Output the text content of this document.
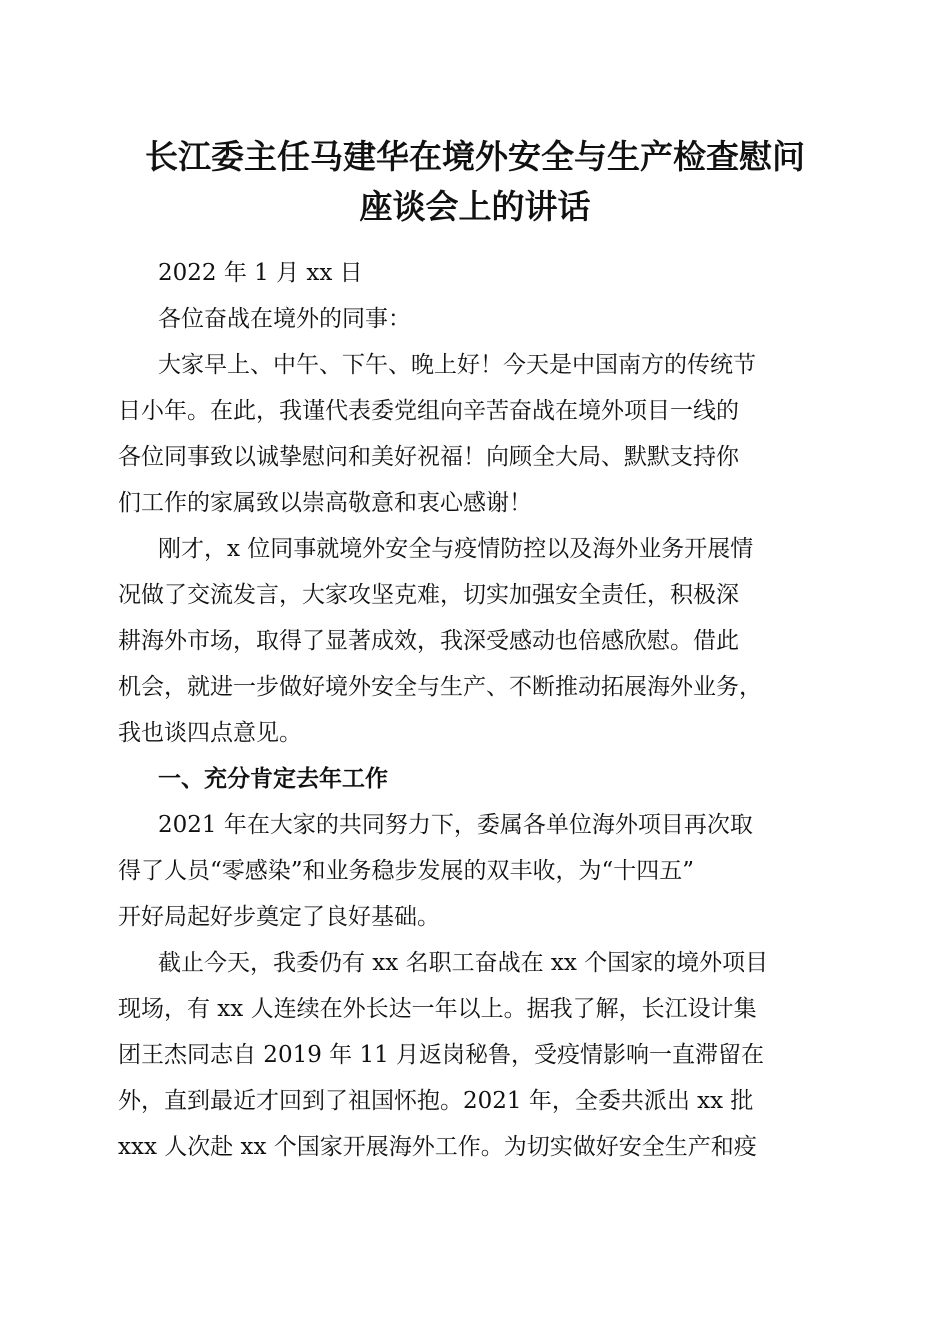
长江委主任马建华在境外安全与生产检查慰问
座谈会上的讲话
2022 年 1 月 xx 日
各位奋战在境外的同事：
大家早上、中午、下午、晚上好！今天是中国南方的传统节
日小年。在此，我谨代表委党组向辛苦奋战在境外项目一线的
各位同事致以诚挚慰问和美好祝福！向顾全大局、默默支持你
们工作的家属致以崇高敬意和衷心感谢！
刚才，x 位同事就境外安全与疫情防控以及海外业务开展情
况做了交流发言，大家攻坚克难，切实加强安全责任，积极深
耕海外市场，取得了显著成效，我深受感动也倍感欣慰。借此
机会，就进一步做好境外安全与生产、不断推动拓展海外业务，
我也谈四点意见。
一、充分肯定去年工作
2021 年在大家的共同努力下，委属各单位海外项目再次取
得了人员“零感染”和业务稳步发展的双丰收，为“十四五”
开好局起好步奠定了良好基础。
截止今天，我委仍有 xx 名职工奋战在 xx 个国家的境外项目
现场，有 xx 人连续在外长达一年以上。据我了解，长江设计集
团王杰同志自 2019 年 11 月返岗秘鲁，受疫情影响一直滞留在
外，直到最近才回到了祖国怀抱。2021 年，全委共派出 xx 批
xxx 人次赴 xx 个国家开展海外工作。为切实做好安全生产和疫
